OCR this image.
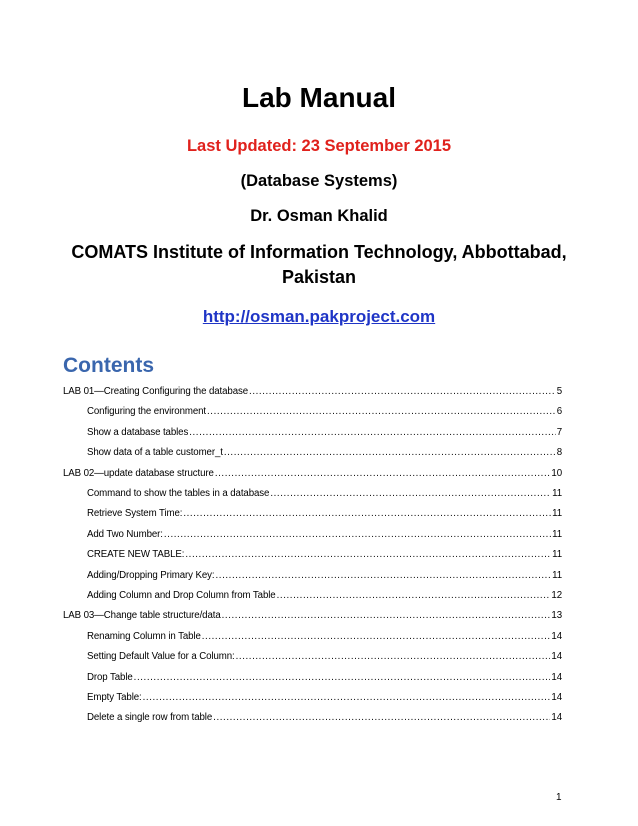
Lab Manual
Last Updated: 23 September 2015
(Database Systems)
Dr. Osman Khalid
COMATS Institute of Information Technology, Abbottabad, Pakistan
http://osman.pakproject.com
Contents
LAB 01—Creating Configuring the database .....	5
Configuring the environment .....	6
Show a database tables .....	7
Show data of a table customer_t .....	8
LAB 02—update database structure .....	10
Command to show the tables in a database .....	11
Retrieve System Time: .....	11
Add Two Number: .....	11
CREATE NEW TABLE: .....	11
Adding/Dropping Primary Key: .....	11
Adding Column and Drop Column from Table .....	12
LAB 03—Change table structure/data .....	13
Renaming Column in Table .....	14
Setting Default Value for a Column: .....	14
Drop Table .....	14
Empty Table: .....	14
Delete a single row from table .....	14
1
